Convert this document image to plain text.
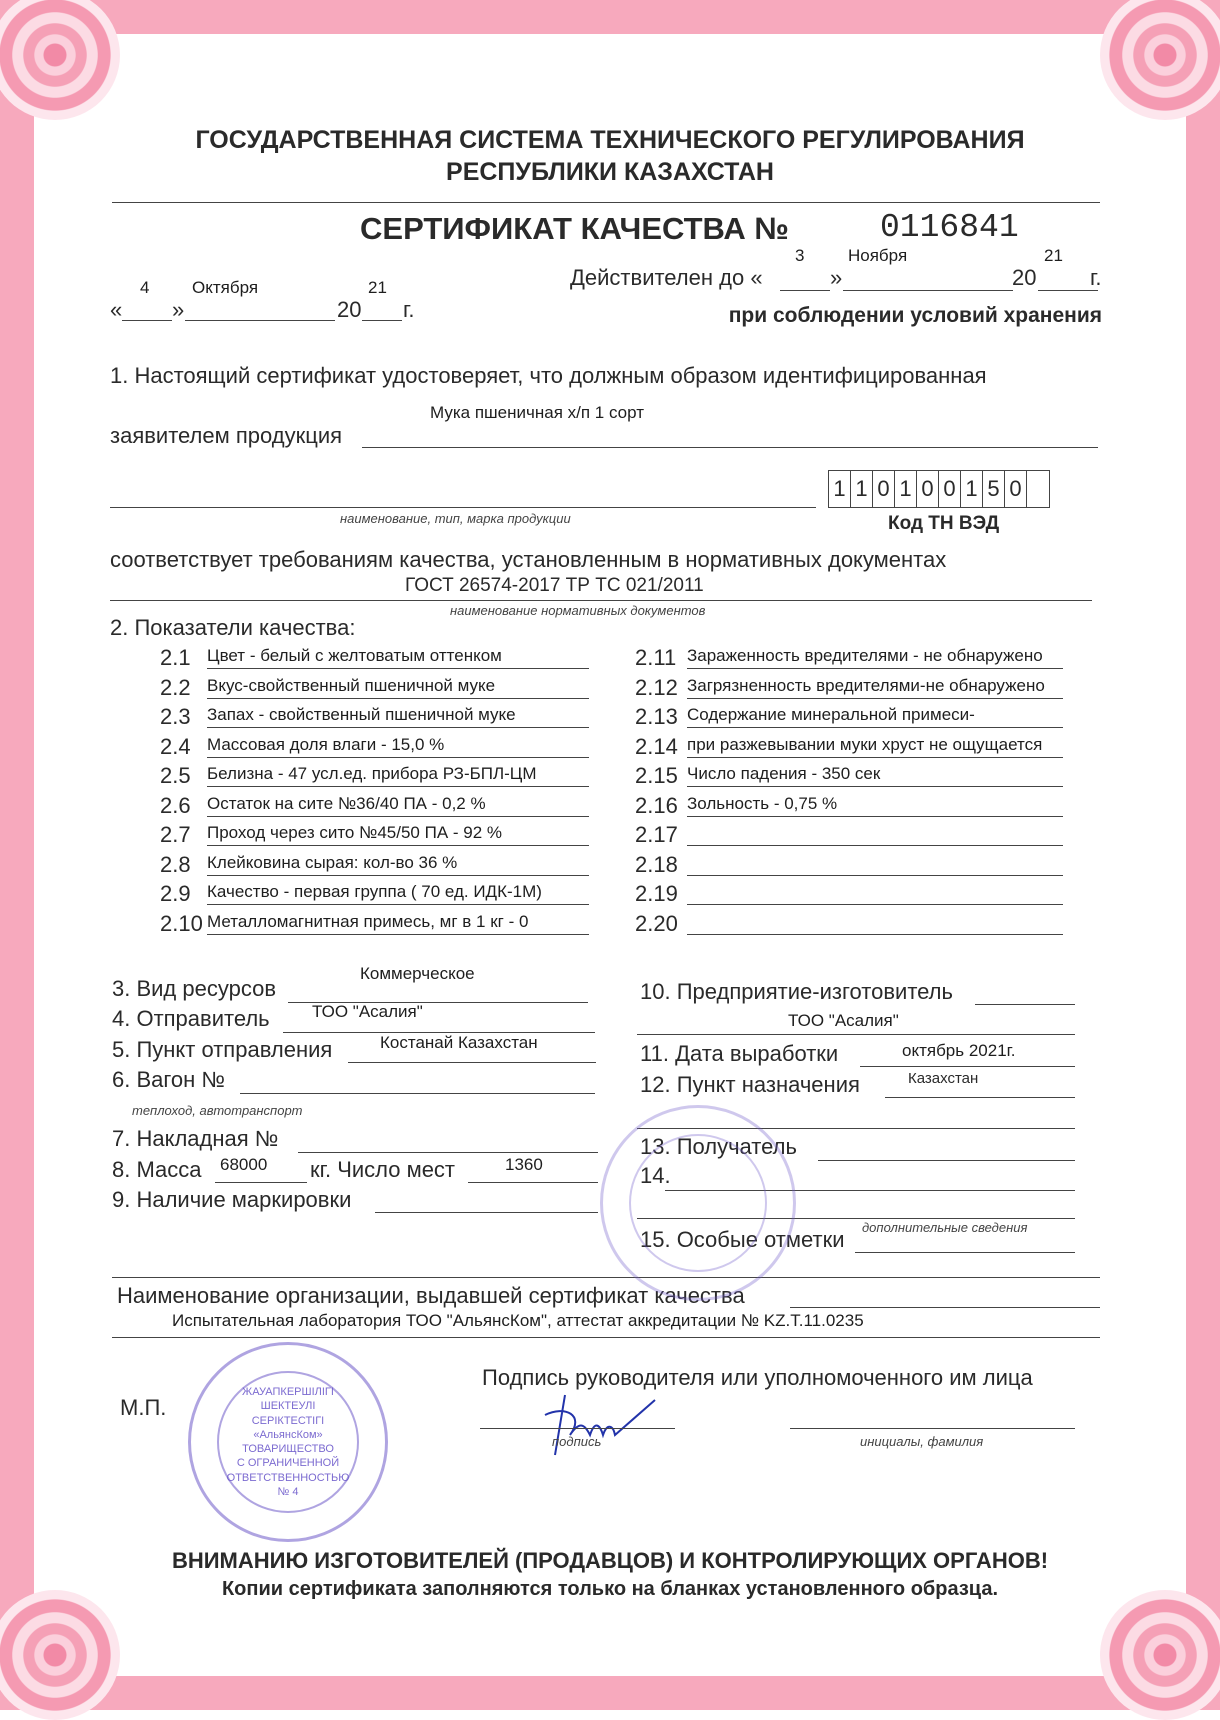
ГОСУДАРСТВЕННАЯ СИСТЕМА ТЕХНИЧЕСКОГО РЕГУЛИРОВАНИЯ
РЕСПУБЛИКИ КАЗАХСТАН
СЕРТИФИКАТ КАЧЕСТВА №	0116841
Действителен до «
3
»
Ноября
20
21
г.
«
4
»
Октября
20
21
г.	при соблюдении условий хранения
1. Настоящий сертификат удостоверяет, что должным образом идентифицированная
Мука пшеничная х/п 1 сорт
заявителем продукция
1 1 0 1 0 0 1 5 0
наименование, тип, марка продукции	Код ТН ВЭД
соответствует требованиям качества, установленным в нормативных документах
ГОСТ 26574-2017 ТР ТС 021/2011
наименование нормативных документов
2. Показатели качества:
2.1 Цвет - белый с желтоватым оттенком
2.2 Вкус-свойственный пшеничной муке
2.3 Запах - свойственный пшеничной муке
2.4 Массовая доля влаги - 15,0 %
2.5 Белизна - 47 усл.ед. прибора РЗ-БПЛ-ЦМ
2.6 Остаток на сите №36/40 ПА - 0,2 %
2.7 Проход через сито №45/50 ПА - 92 %
2.8 Клейковина сырая: кол-во 36 %
2.9 Качество - первая группа ( 70 ед. ИДК-1М)
2.10 Металломагнитная примесь, мг в 1 кг - 0
2.11 Зараженность вредителями - не обнаружено
2.12 Загрязненность вредителями-не обнаружено
2.13 Содержание минеральной примеси-
2.14 при разжевывании муки хруст не ощущается
2.15 Число падения - 350 сек
2.16 Зольность - 0,75 %
2.17
2.18
2.19
2.20
3. Вид ресурсов
Коммерческое
4. Отправитель ТОО "Асалия"
5. Пункт отправления	Костанай Казахстан
6. Вагон №
теплоход, автотранспорт
7. Накладная №
8. Масса 68000 кг. Число мест	1360
9. Наличие маркировки
10. Предприятие-изготовитель
ТОО "Асалия"
11. Дата выработки	октябрь 2021г.
12. Пункт назначения	Казахстан
13. Получатель
14.
дополнительные сведения
15. Особые отметки
Наименование организации, выдавшей сертификат качества
Испытательная лаборатория ТОО "АльянсКом", аттестат аккредитации № KZ.T.11.0235
Подпись руководителя или уполномоченного им лица
подпись	инициалы, фамилия
М.П.
ЖАУАПКЕРШІЛІГІ
ШЕКТЕУЛІ
СЕРІКТЕСТІГІ
«АльянсКом»
ТОВАРИЩЕСТВО
С ОГРАНИЧЕННОЙ
ОТВЕТСТВЕННОСТЬЮ
№ 4
ВНИМАНИЮ ИЗГОТОВИТЕЛЕЙ (ПРОДАВЦОВ) И КОНТРОЛИРУЮЩИХ ОРГАНОВ!
Копии сертификата заполняются только на бланках установленного образца.
